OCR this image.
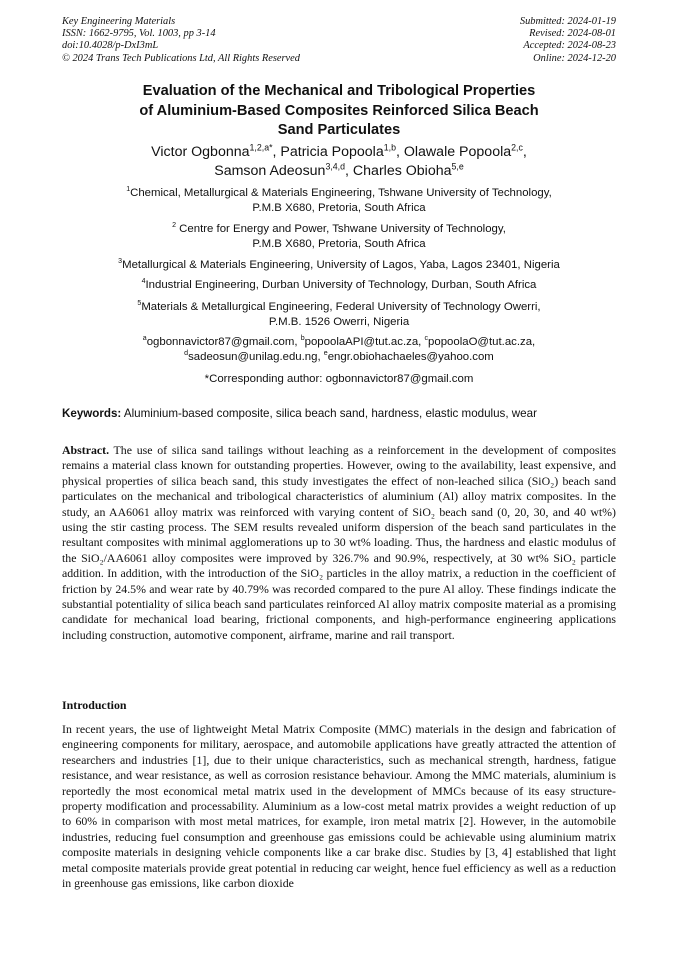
Key Engineering Materials
ISSN: 1662-9795, Vol. 1003, pp 3-14
doi:10.4028/p-DxI3mL
© 2024 Trans Tech Publications Ltd, All Rights Reserved
Submitted: 2024-01-19
Revised: 2024-08-01
Accepted: 2024-08-23
Online: 2024-12-20
Evaluation of the Mechanical and Tribological Properties
of Aluminium-Based Composites Reinforced Silica Beach
Sand Particulates
Victor Ogbonna$^{1,2,a*}$, Patricia Popoola$^{1,b}$, Olawale Popoola$^{2,c}$,
Samson Adeosun$^{3,4,d}$, Charles Obioha$^{5,e}$
$^1$Chemical, Metallurgical & Materials Engineering, Tshwane University of Technology,
P.M.B X680, Pretoria, South Africa
$^2$ Centre for Energy and Power, Tshwane University of Technology,
P.M.B X680, Pretoria, South Africa
$^3$Metallurgical & Materials Engineering, University of Lagos, Yaba, Lagos 23401, Nigeria
$^4$Industrial Engineering, Durban University of Technology, Durban, South Africa
$^5$Materials & Metallurgical Engineering, Federal University of Technology Owerri,
P.M.B. 1526 Owerri, Nigeria
$^a$ogbonnavictor87@gmail.com, $^b$popoolaAPI@tut.ac.za, $^c$popoolaO@tut.ac.za,
$^d$sadeosun@unilag.edu.ng, $^e$engr.obiohachaeles@yahoo.com
*Corresponding author: ogbonnavictor87@gmail.com
Keywords: Aluminium-based composite, silica beach sand, hardness, elastic modulus, wear
Abstract. The use of silica sand tailings without leaching as a reinforcement in the development of composites remains a material class known for outstanding properties. However, owing to the availability, least expensive, and physical properties of silica beach sand, this study investigates the effect of non-leached silica (SiO₂) beach sand particulates on the mechanical and tribological characteristics of aluminium (Al) alloy matrix composites. In the study, an AA6061 alloy matrix was reinforced with varying content of SiO₂ beach sand (0, 20, 30, and 40 wt%) using the stir casting process. The SEM results revealed uniform dispersion of the beach sand particulates in the resultant composites with minimal agglomerations up to 30 wt% loading. Thus, the hardness and elastic modulus of the SiO₂/AA6061 alloy composites were improved by 326.7% and 90.9%, respectively, at 30 wt% SiO₂ particle addition. In addition, with the introduction of the SiO₂ particles in the alloy matrix, a reduction in the coefficient of friction by 24.5% and wear rate by 40.79% was recorded compared to the pure Al alloy. These findings indicate the substantial potentiality of silica beach sand particulates reinforced Al alloy matrix composite material as a promising candidate for mechanical load bearing, frictional components, and high-performance engineering applications including construction, automotive component, airframe, marine and rail transport.
Introduction
In recent years, the use of lightweight Metal Matrix Composite (MMC) materials in the design and fabrication of engineering components for military, aerospace, and automobile applications have greatly attracted the attention of researchers and industries [1], due to their unique characteristics, such as mechanical strength, hardness, fatigue resistance, and wear resistance, as well as corrosion resistance behaviour. Among the MMC materials, aluminium is reportedly the most economical metal matrix used in the development of MMCs because of its easy structure-property modification and processability. Aluminium as a low-cost metal matrix provides a weight reduction of up to 60% in comparison with most metal matrices, for example, iron metal matrix [2]. However, in the automobile industries, reducing fuel consumption and greenhouse gas emissions could be achievable using aluminium matrix composite materials in designing vehicle components like a car brake disc. Studies by [3, 4] established that light metal composite materials provide great potential in reducing car weight, hence fuel efficiency as well as a reduction in greenhouse gas emissions, like carbon dioxide
